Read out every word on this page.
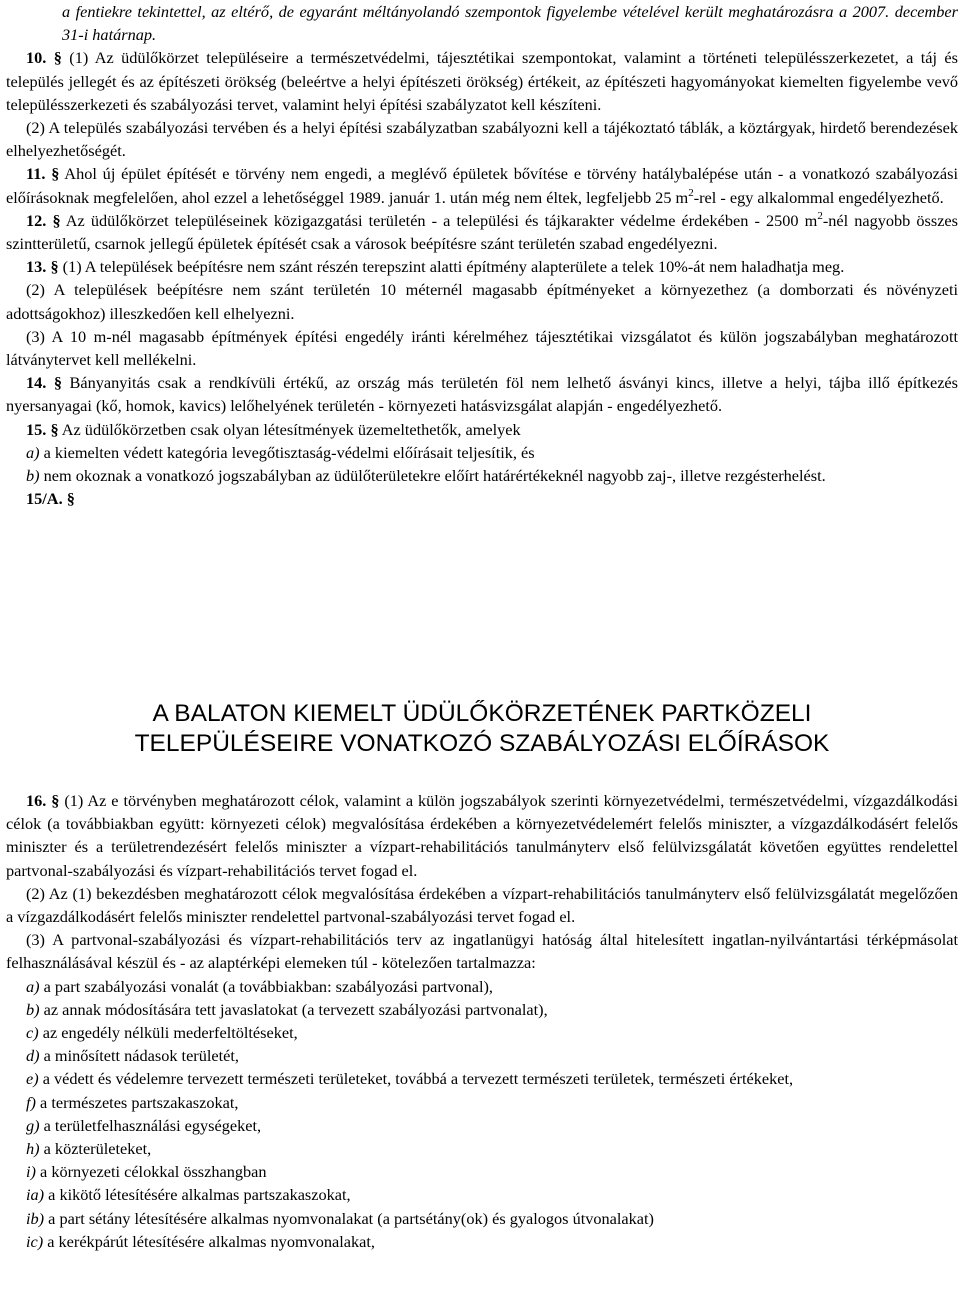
a fentiekre tekintettel, az eltérő, de egyaránt méltányolandó szempontok figyelembe vételével került meghatározásra a 2007. december 31-i határnap.

10. § (1) Az üdülőkörzet településeire a természetvédelmi, tájesztétikai szempontokat, valamint a történeti településszerkezetet, a táj és település jellegét és az építészeti örökség (beleértve a helyi építészeti örökség) értékeit, az építészeti hagyományokat kiemelten figyelembe vevő településszerkezeti és szabályozási tervet, valamint helyi építési szabályzatot kell készíteni.

(2) A település szabályozási tervében és a helyi építési szabályzatban szabályozni kell a tájékoztató táblák, a köztárgyak, hirdető berendezések elhelyezhetőségét.

11. § Ahol új épület építését e törvény nem engedi, a meglévő épületek bővítése e törvény hatálybalépése után - a vonatkozó szabályozási előírásoknak megfelelően, ahol ezzel a lehetőséggel 1989. január 1. után még nem éltek, legfeljebb 25 $m^2$-rel - egy alkalommal engedélyezhető.

12. § Az üdülőkörzet településeinek közigazgatási területén - a települési és tájkarakter védelme érdekében - 2500 $m^2$-nél nagyobb összes szintterületű, csarnok jellegű épületek építését csak a városok beépítésre szánt területén szabad engedélyezni.

13. § (1) A települések beépítésre nem szánt részén terepszint alatti építmény alapterülete a telek 10%-át nem haladhatja meg.

(2) A települések beépítésre nem szánt területén 10 méternél magasabb építményeket a környezethez (a domborzati és növényzeti adottságokhoz) illeszkedően kell elhelyezni.

(3) A 10 m-nél magasabb építmények építési engedély iránti kérelméhez tájesztétikai vizsgálatot és külön jogszabályban meghatározott látványtervet kell mellékelni.

14. § Bányanyitás csak a rendkívüli értékű, az ország más területén föl nem lelhető ásványi kincs, illetve a helyi, tájba illő építkezés nyersanyagai (kő, homok, kavics) lelőhelyének területén - környezeti hatásvizsgálat alapján - engedélyezhető.

15. § Az üdülőkörzetben csak olyan létesítmények üzemeltethetők, amelyek

a) a kiemelten védett kategória levegőtisztaság-védelmi előírásait teljesítik, és

b) nem okoznak a vonatkozó jogszabályban az üdülőterületekre előírt határértékeknél nagyobb zaj-, illetve rezgésterhelést.

15/A. §

A BALATON KIEMELT ÜDÜLŐKÖRZETÉNEK PARTKÖZELI
TELEPÜLÉSEIRE VONATKOZÓ SZABÁLYOZÁSI ELŐÍRÁSOK

16. § (1) Az e törvényben meghatározott célok, valamint a külön jogszabályok szerinti környezetvédelmi, természetvédelmi, vízgazdálkodási célok (a továbbiakban együtt: környezeti célok) megvalósítása érdekében a környezetvédelemért felelős miniszter, a vízgazdálkodásért felelős miniszter és a területrendezésért felelős miniszter a vízpart-rehabilitációs tanulmányterv első felülvizsgálatát követően együttes rendelettel partvonal-szabályozási és vízpart-rehabilitációs tervet fogad el.

(2) Az (1) bekezdésben meghatározott célok megvalósítása érdekében a vízpart-rehabilitációs tanulmányterv első felülvizsgálatát megelőzően a vízgazdálkodásért felelős miniszter rendelettel partvonal-szabályozási tervet fogad el.

(3) A partvonal-szabályozási és vízpart-rehabilitációs terv az ingatlanügyi hatóság által hitelesített ingatlan-nyilvántartási térképmásolat felhasználásával készül és - az alaptérképi elemeken túl - kötelezően tartalmazza:

a) a part szabályozási vonalát (a továbbiakban: szabályozási partvonal),

b) az annak módosítására tett javaslatokat (a tervezett szabályozási partvonalat),

c) az engedély nélküli mederfeltöltéseket,

d) a minősített nádasok területét,

e) a védett és védelemre tervezett természeti területeket, továbbá a tervezett természeti területek, természeti értékeket,

f) a természetes partszakaszokat,

g) a területfelhasználási egységeket,

h) a közterületeket,

i) a környezeti célokkal összhangban

ia) a kikötő létesítésére alkalmas partszakaszokat,

ib) a part sétány létesítésére alkalmas nyomvonalakat (a partsétány(ok) és gyalogos útvonalakat)

ic) a kerékpárút létesítésére alkalmas nyomvonalakat,
